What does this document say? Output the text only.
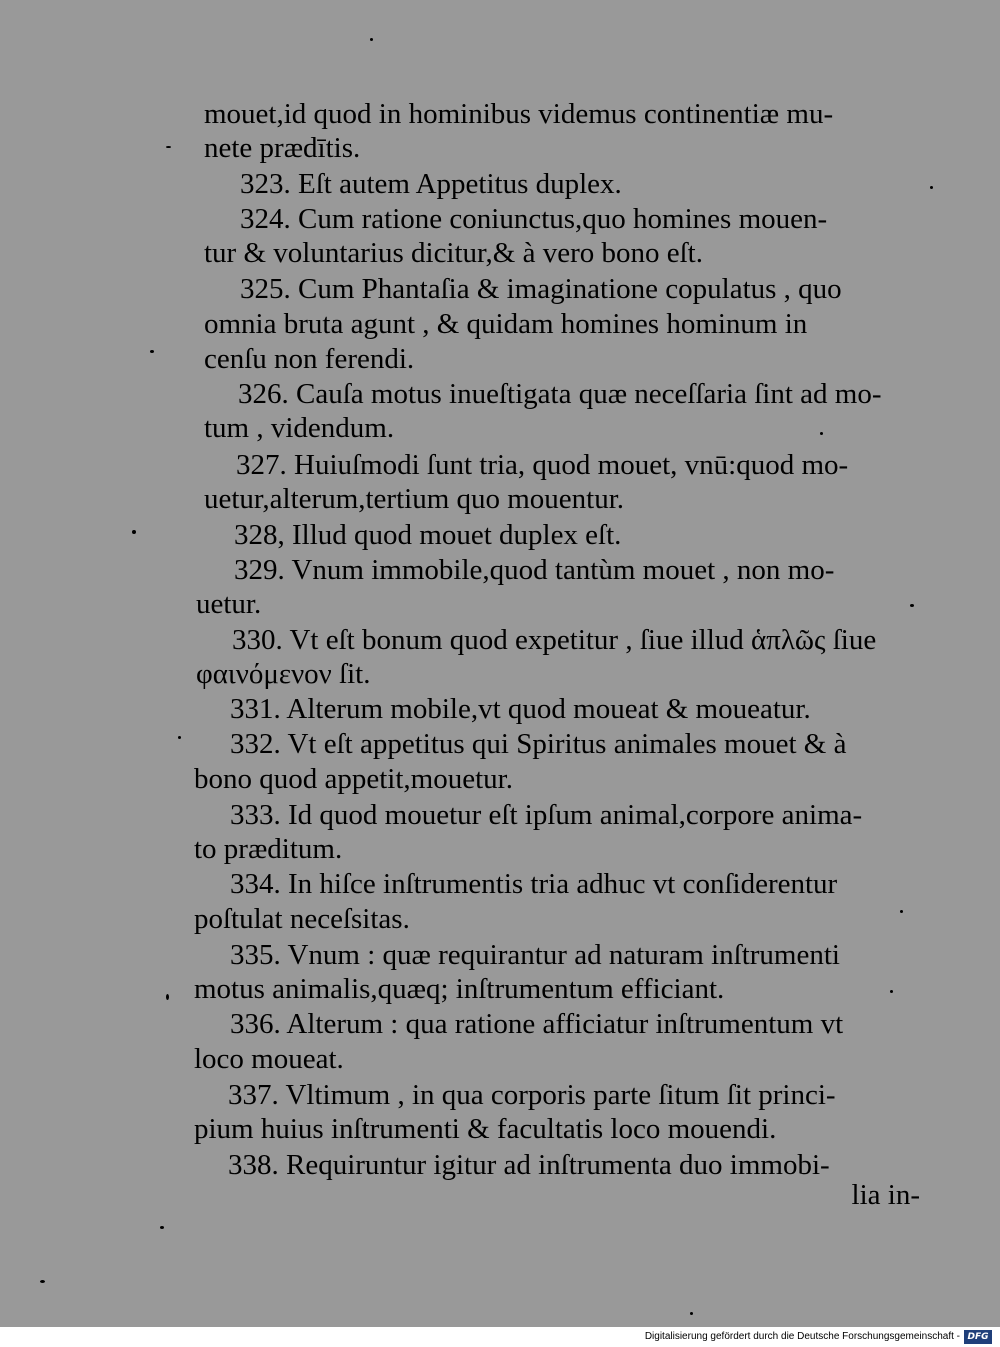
mouet,id quod in hominibus videmus continentiæ mu-

nete prædītis.

323. Eſt autem Appetitus duplex.

324. Cum ratione coniunctus,quo homines mouen-

tur & voluntarius dicitur,& à vero bono eſt.

325. Cum Phantaſia & imaginatione copulatus , quo

omnia bruta agunt , & quidam homines hominum in

cenſu non ferendi.

326. Cauſa motus inueſtigata quæ neceſſaria ſint ad mo-

tum , videndum.

327. Huiuſmodi ſunt tria, quod mouet, vnū:quod mo-

uetur,alterum,tertium quo mouentur.

328, Illud quod mouet duplex eſt.

329. Vnum immobile,quod tantùm mouet , non mo-

uetur.

330. Vt eſt bonum quod expetitur , ſiue illud ἁπλῶς ſiue

φαινόμενον ſit.

331. Alterum mobile,vt quod moueat & moueatur.

332. Vt eſt appetitus qui Spiritus animales mouet & à

bono quod appetit,mouetur.

333. Id quod mouetur eſt ipſum animal,corpore anima-

to præditum.

334. In hiſce inſtrumentis tria adhuc vt conſiderentur

poſtulat neceſsitas.

335. Vnum : quæ requirantur ad naturam inſtrumenti

motus animalis,quæq; inſtrumentum efficiant.

336. Alterum : qua ratione afficiatur inſtrumentum vt

loco moueat.

337. Vltimum , in qua corporis parte ſitum ſit princi-

pium huius inſtrumenti & facultatis loco mouendi.

338. Requiruntur igitur ad inſtrumenta duo immobi-

lia in-

Digitalisierung gefördert durch die Deutsche Forschungsgemeinschaft - DFG
